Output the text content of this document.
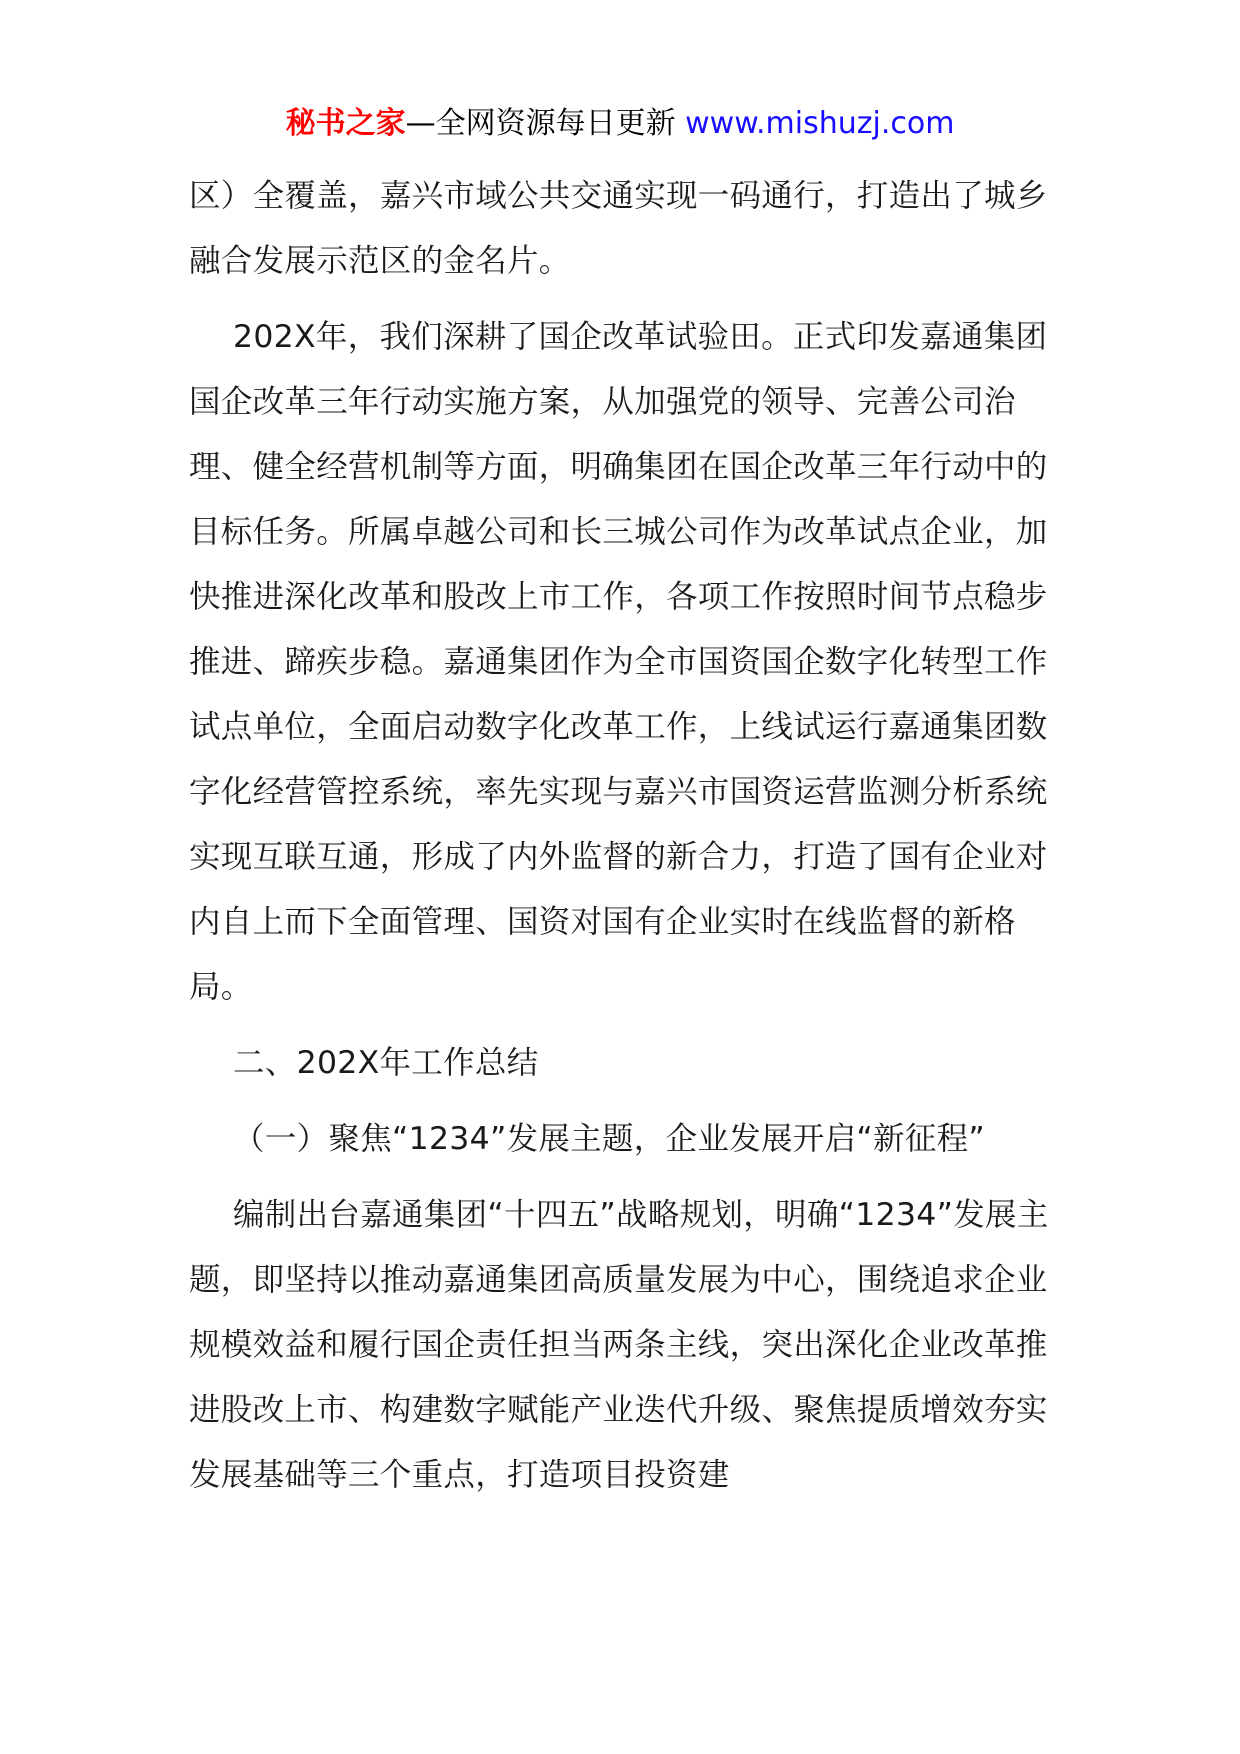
秘书之家—全网资源每日更新 www.mishuzj.com

区）全覆盖，嘉兴市域公共交通实现一码通行，打造出了城乡融合发展示范区的金名片。

202X年，我们深耕了国企改革试验田。正式印发嘉通集团国企改革三年行动实施方案，从加强党的领导、完善公司治理、健全经营机制等方面，明确集团在国企改革三年行动中的目标任务。所属卓越公司和长三城公司作为改革试点企业，加快推进深化改革和股改上市工作，各项工作按照时间节点稳步推进、蹄疾步稳。嘉通集团作为全市国资国企数字化转型工作试点单位，全面启动数字化改革工作，上线试运行嘉通集团数字化经营管控系统，率先实现与嘉兴市国资运营监测分析系统实现互联互通，形成了内外监督的新合力，打造了国有企业对内自上而下全面管理、国资对国有企业实时在线监督的新格局。

二、202X年工作总结

（一）聚焦“1234”发展主题，企业发展开启“新征程”

编制出台嘉通集团“十四五”战略规划，明确“1234”发展主题，即坚持以推动嘉通集团高质量发展为中心，围绕追求企业规模效益和履行国企责任担当两条主线，突出深化企业改革推进股改上市、构建数字赋能产业迭代升级、聚焦提质增效夯实发展基础等三个重点，打造项目投资建
